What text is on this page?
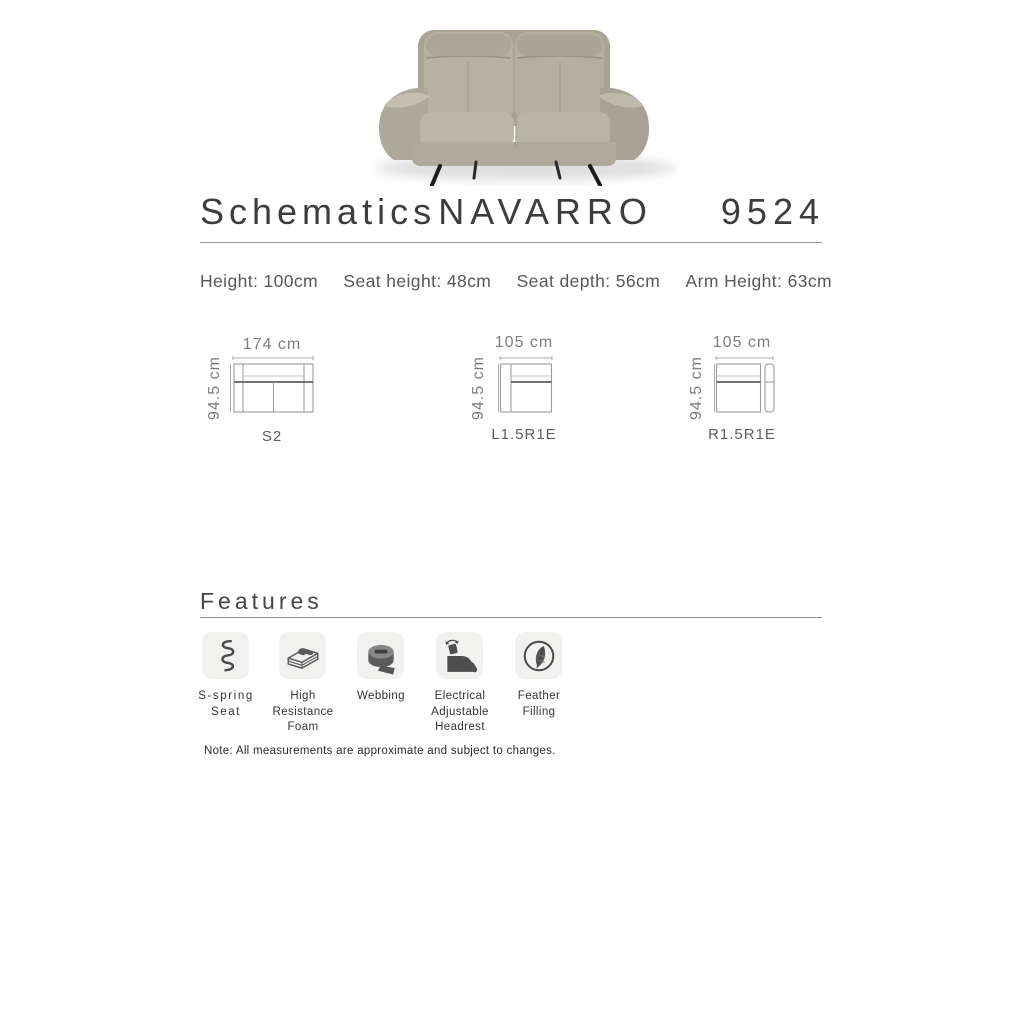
Schematics NAVARRO  9524
Height: 100cm Seat height: 48cm Seat depth: 56cm Arm Height: 63cm
174 cm
94.5 cm
S2
105 cm
94.5 cm
L1.5R1E
105 cm
94.5 cm
R1.5R1E
Features
S-spring
Seat
High
Resistance
Foam
Webbing	Electrical
Adjustable
Headrest
Feather
Filling
Note: All measurements are approximate and subject to changes.
